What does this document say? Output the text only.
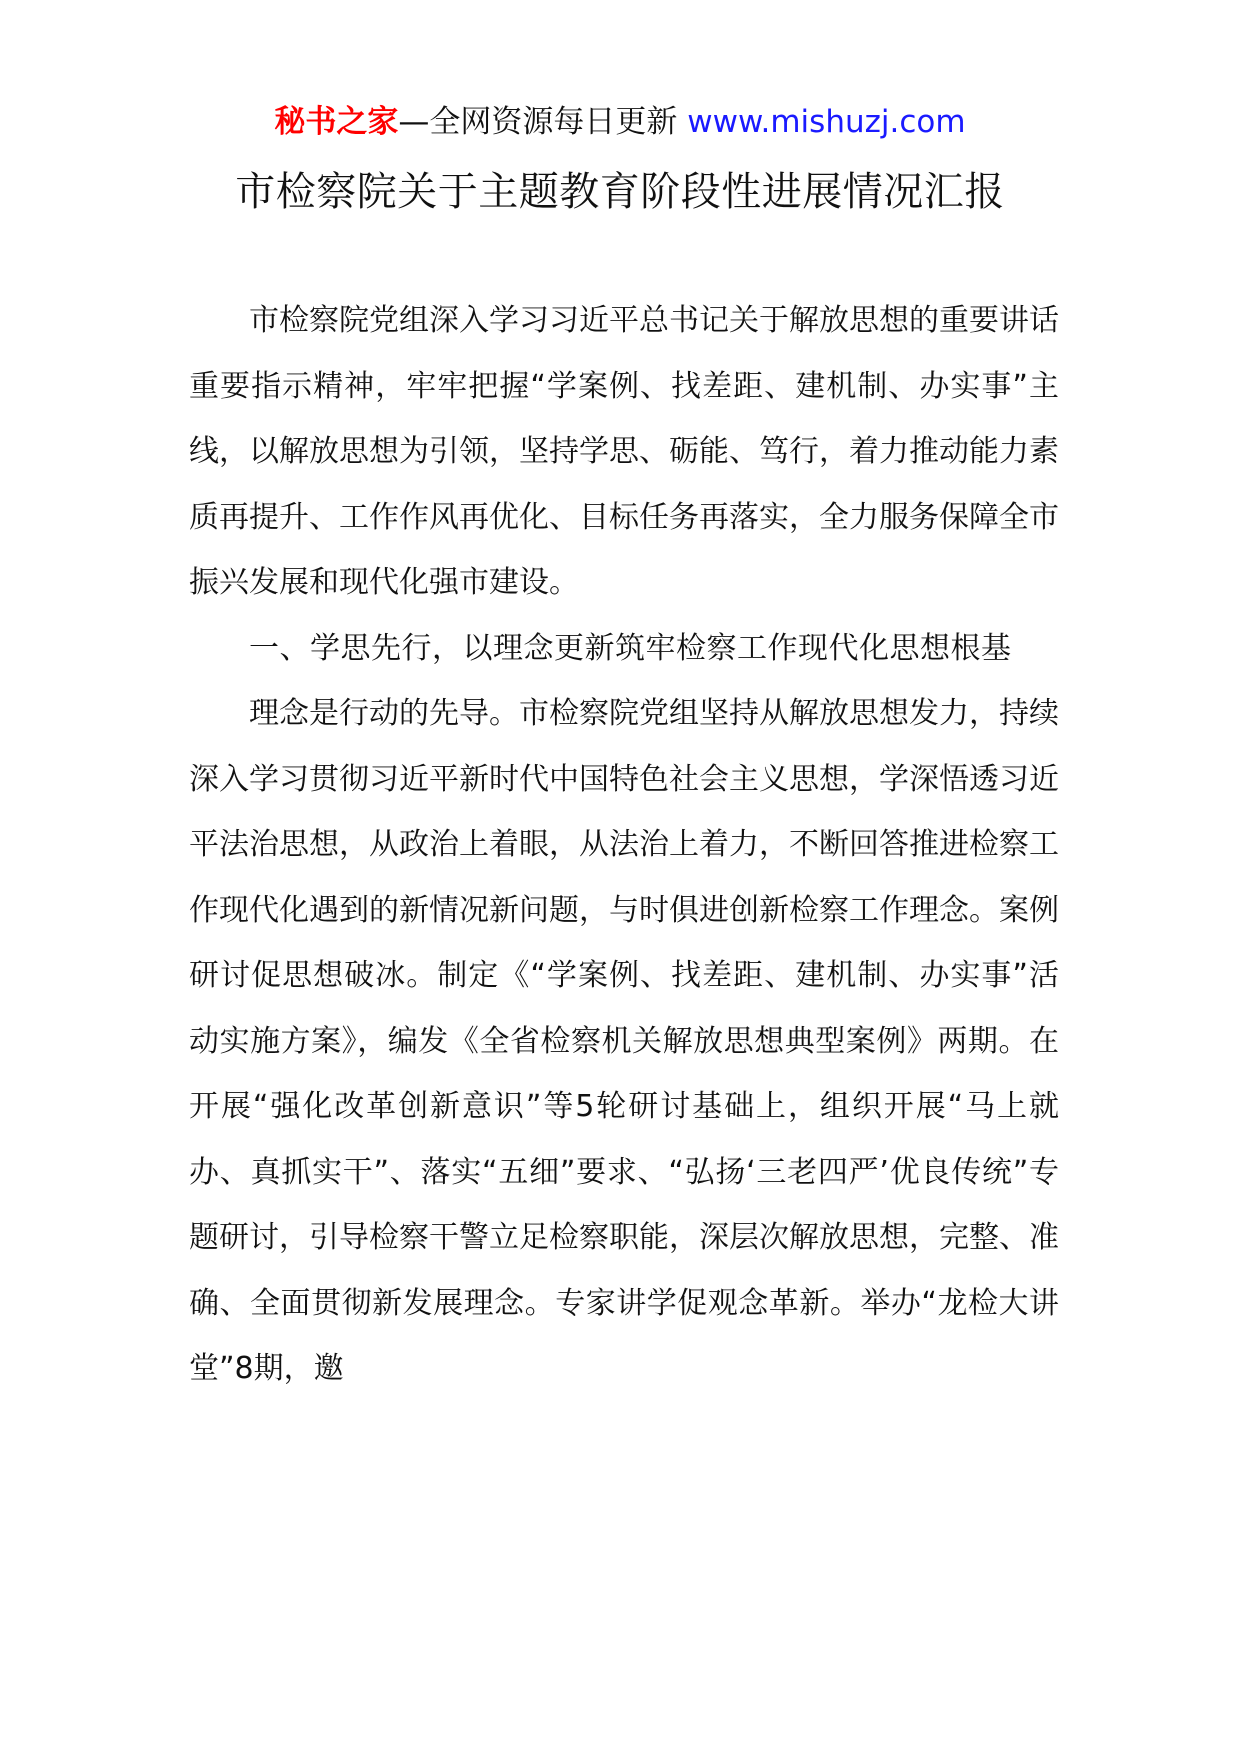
秘书之家—全网资源每日更新 www.mishuzj.com
市检察院关于主题教育阶段性进展情况汇报

市检察院党组深入学习习近平总书记关于解放思想的重要讲话重要指示精神，牢牢把握“学案例、找差距、建机制、办实事”主线，以解放思想为引领，坚持学思、砺能、笃行，着力推动能力素质再提升、工作作风再优化、目标任务再落实，全力服务保障全市振兴发展和现代化强市建设。

一、学思先行，以理念更新筑牢检察工作现代化思想根基

理念是行动的先导。市检察院党组坚持从解放思想发力，持续深入学习贯彻习近平新时代中国特色社会主义思想，学深悟透习近平法治思想，从政治上着眼，从法治上着力，不断回答推进检察工作现代化遇到的新情况新问题，与时俱进创新检察工作理念。案例研讨促思想破冰。制定《“学案例、找差距、建机制、办实事”活动实施方案》，编发《全省检察机关解放思想典型案例》两期。在开展“强化改革创新意识”等5轮研讨基础上，组织开展“马上就办、真抓实干”、落实“五细”要求、“弘扬‘三老四严’优良传统”专题研讨，引导检察干警立足检察职能，深层次解放思想，完整、准确、全面贯彻新发展理念。专家讲学促观念革新。举办“龙检大讲堂”8期，邀
